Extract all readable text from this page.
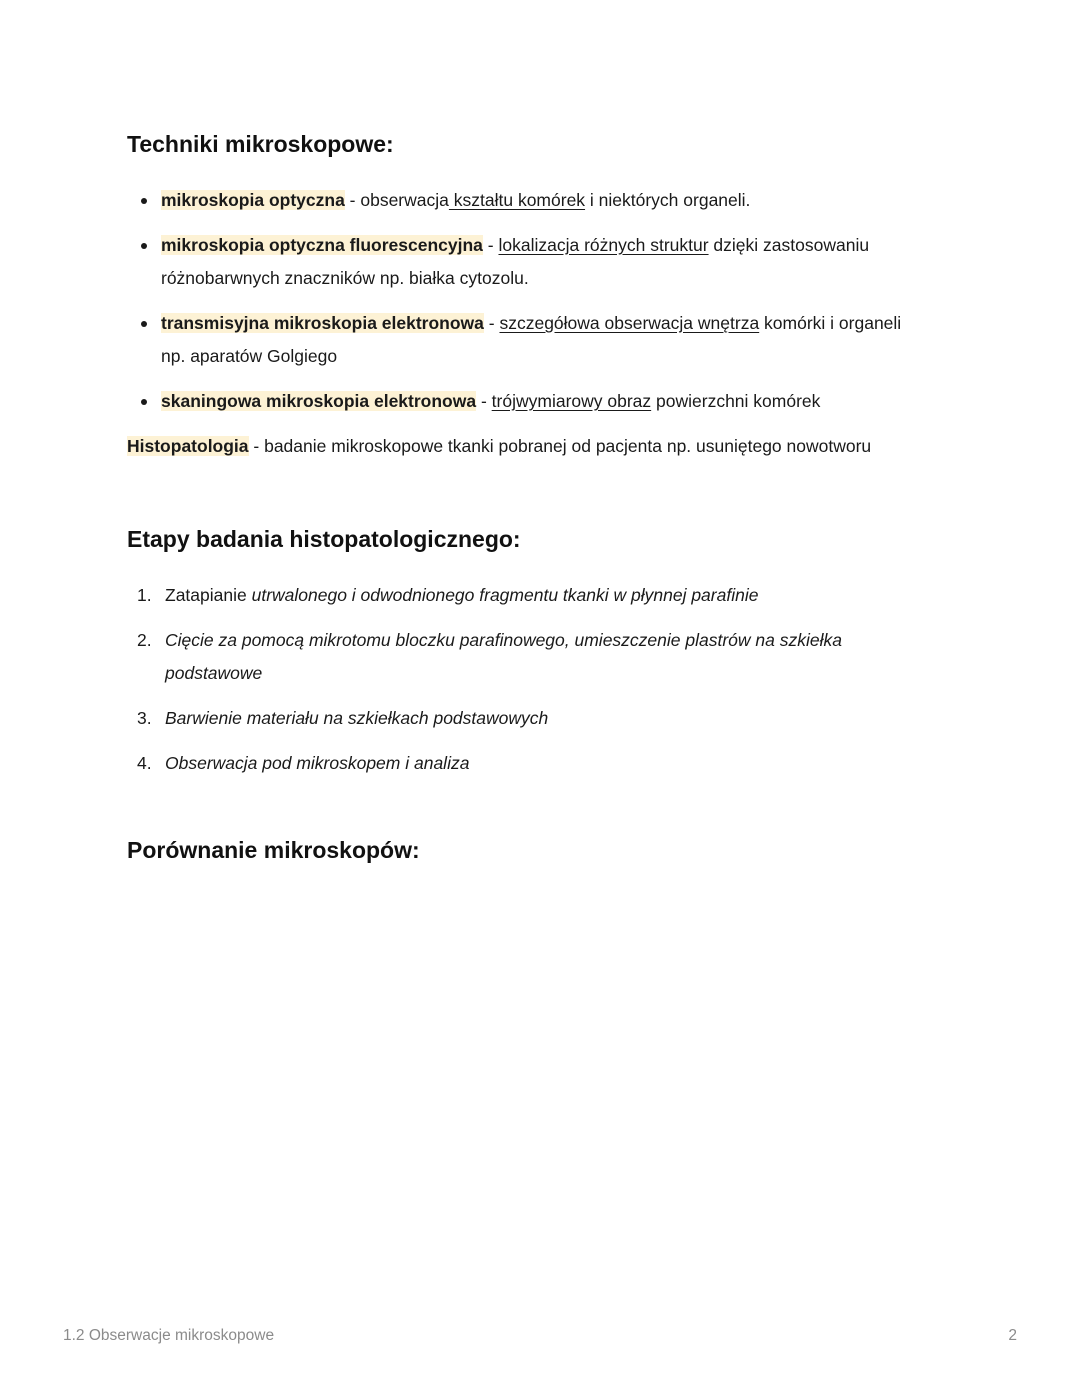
Techniki mikroskopowe:
mikroskopia optyczna - obserwacja kształtu komórek i niektórych organeli.
mikroskopia optyczna fluorescencyjna - lokalizacja różnych struktur dzięki zastosowaniu różnobarwnych znaczników np. białka cytozolu.
transmisyjna mikroskopia elektronowa - szczegółowa obserwacja wnętrza komórki i organeli np. aparatów Golgiego
skaningowa mikroskopia elektronowa - trójwymiarowy obraz powierzchni komórek

Histopatologia - badanie mikroskopowe tkanki pobranej od pacjenta np. usuniętego nowotworu

Etapy badania histopatologicznego:
1. Zatapianie utrwalonego i odwodnionego fragmentu tkanki w płynnej parafinie
2. Cięcie za pomocą mikrotomu bloczku parafinowego, umieszczenie plastrów na szkiełka podstawowe
3. Barwienie materiału na szkiełkach podstawowych
4. Obserwacja pod mikroskopem i analiza
Porównanie mikroskopów:
1.2 Obserwacje mikroskopowe	2
